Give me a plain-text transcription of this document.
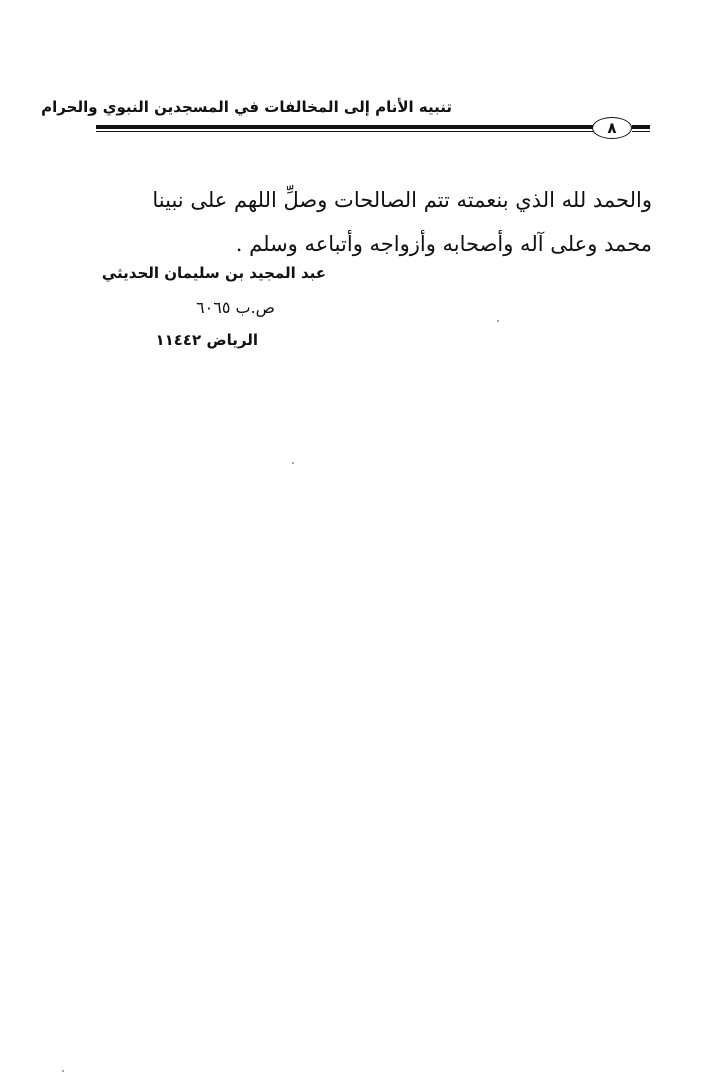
تنبيه الأنام إلى المخالفات في المسجدين النبوي والحرام
٨
والحمد لله الذي بنعمته تتم الصالحات وصلِّ اللهم على نبينا
محمد وعلى آله وأصحابه وأزواجه وأتباعه وسلم .
عبد المجيد بن سليمان الحديثي
ص.ب ٦٠٦٥
الرياض ١١٤٤٢
